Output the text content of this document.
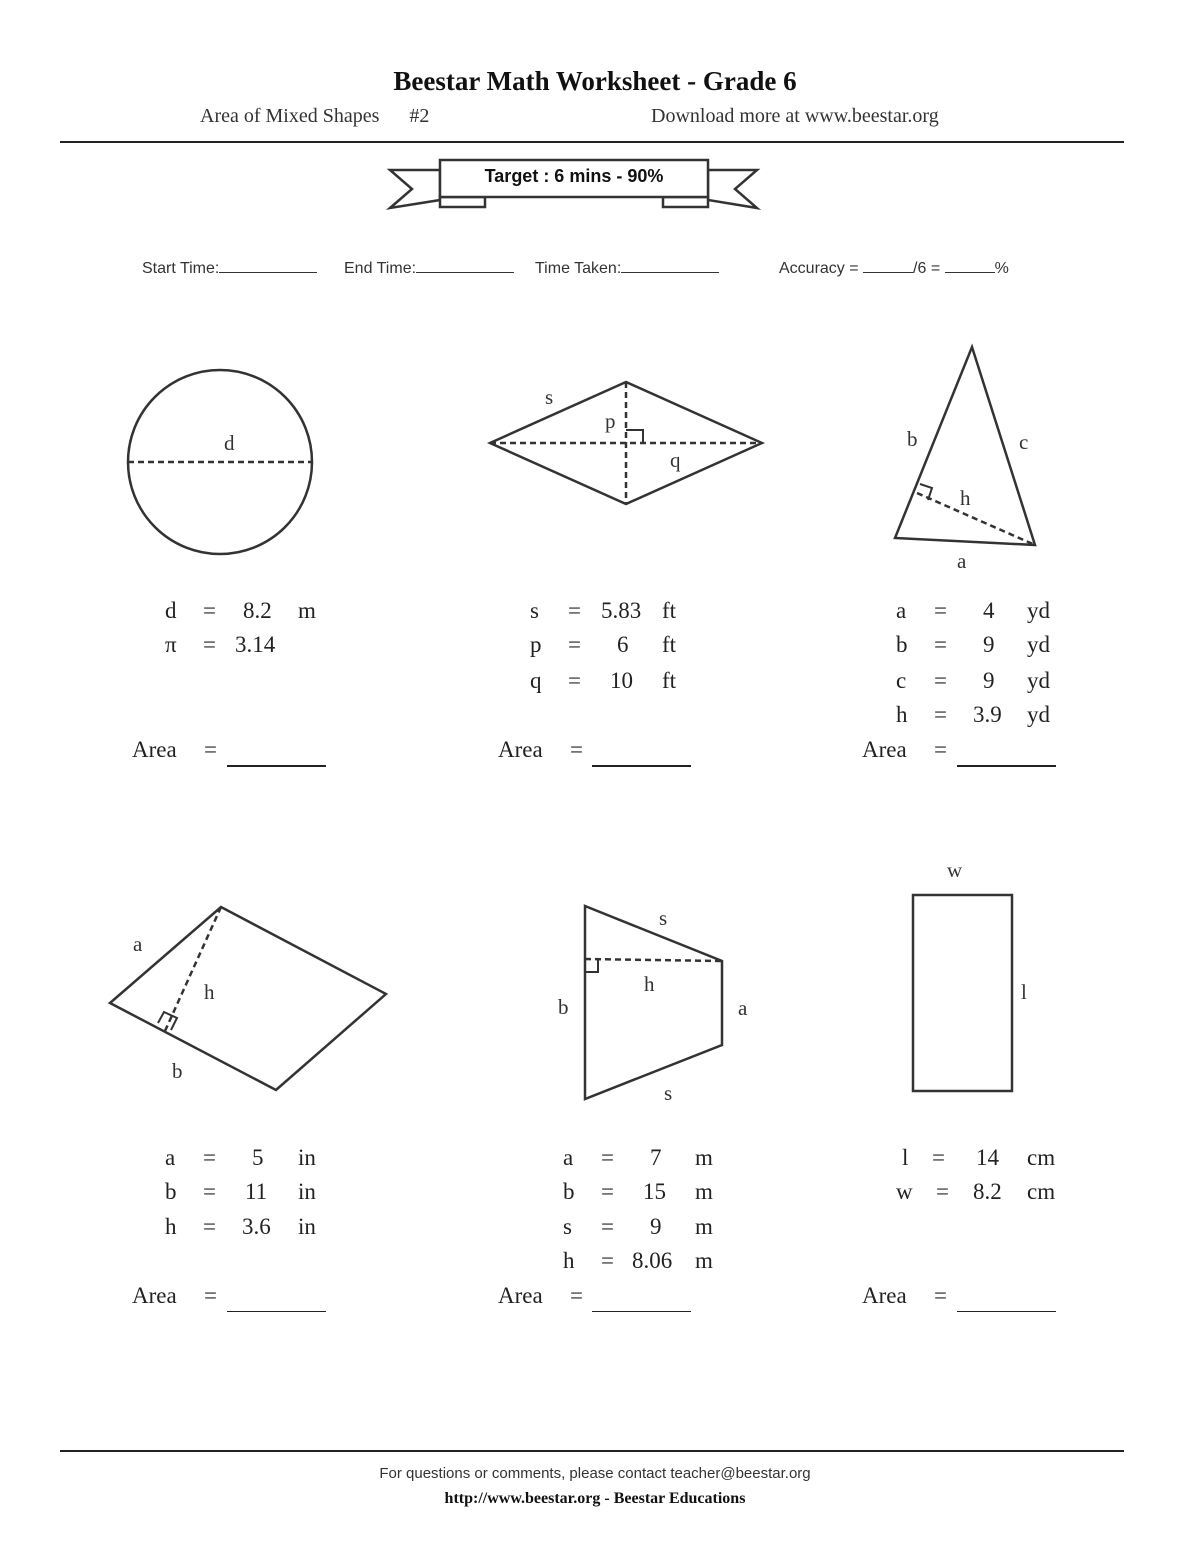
Beestar Math Worksheet - Grade 6
Area of Mixed Shapes #2	Download more at www.beestar.org
Target : 6 mins - 90%
Start Time:	End Time:	Time Taken:	Accuracy =	/6 =	%
d
s
p
q
b	c
h
a
a
h
b
s
h
b	a
s
w
l
d = 8.2 m
π = 3.14
s = 5.83 ft
p = 6 ft
q = 10 ft
a = 4 yd
b = 9 yd
c = 9 yd
h = 3.9 yd
a = 5 in
b = 11 in
h = 3.6 in
a = 7 m
b = 15 m
s = 9 m
h = 8.06 m
l = 14 cm
w = 8.2 cm
Area =	Area =	Area =
Area =	Area =	Area =
For questions or comments, please contact teacher@beestar.org
http://www.beestar.org - Beestar Educations
